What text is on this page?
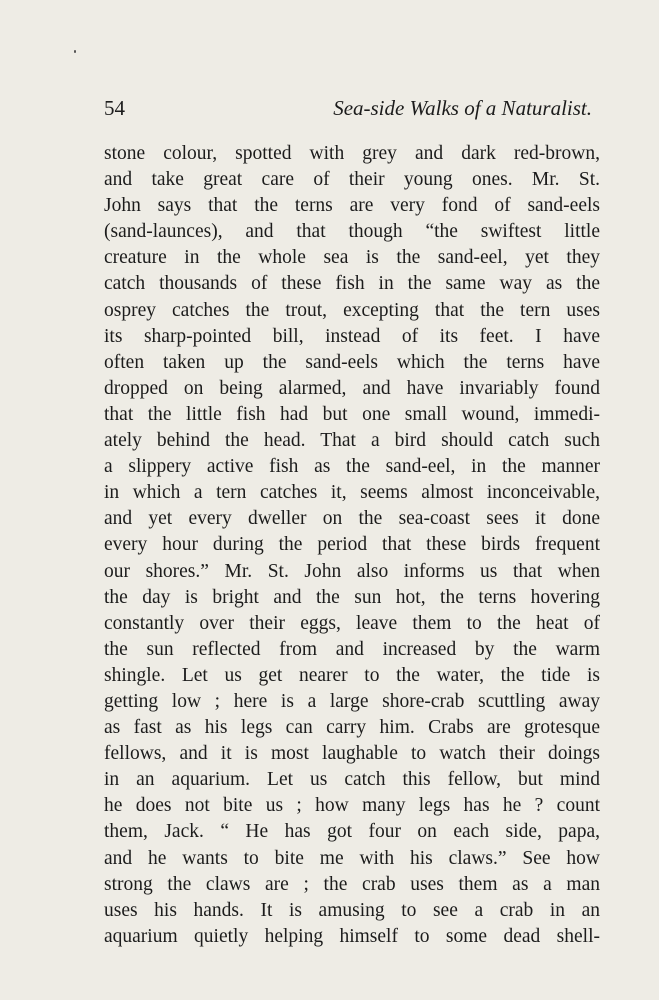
54	Sea-side Walks of a Naturalist.
stone colour, spotted with grey and dark red-brown,
and take great care of their young ones. Mr. St.
John says that the terns are very fond of sand-eels
(sand-launces), and that though “the swiftest little
creature in the whole sea is the sand-eel, yet they
catch thousands of these fish in the same way as the
osprey catches the trout, excepting that the tern uses
its sharp-pointed bill, instead of its feet. I have
often taken up the sand-eels which the terns have
dropped on being alarmed, and have invariably found
that the little fish had but one small wound, immedi-
ately behind the head. That a bird should catch such
a slippery active fish as the sand-eel, in the manner
in which a tern catches it, seems almost inconceivable,
and yet every dweller on the sea-coast sees it done
every hour during the period that these birds frequent
our shores.” Mr. St. John also informs us that when
the day is bright and the sun hot, the terns hovering
constantly over their eggs, leave them to the heat of
the sun reflected from and increased by the warm
shingle. Let us get nearer to the water, the tide is
getting low ; here is a large shore-crab scuttling away
as fast as his legs can carry him. Crabs are grotesque
fellows, and it is most laughable to watch their doings
in an aquarium. Let us catch this fellow, but mind
he does not bite us ; how many legs has he ? count
them, Jack. “ He has got four on each side, papa,
and he wants to bite me with his claws.” See how
strong the claws are ; the crab uses them as a man
uses his hands. It is amusing to see a crab in an
aquarium quietly helping himself to some dead shell-
